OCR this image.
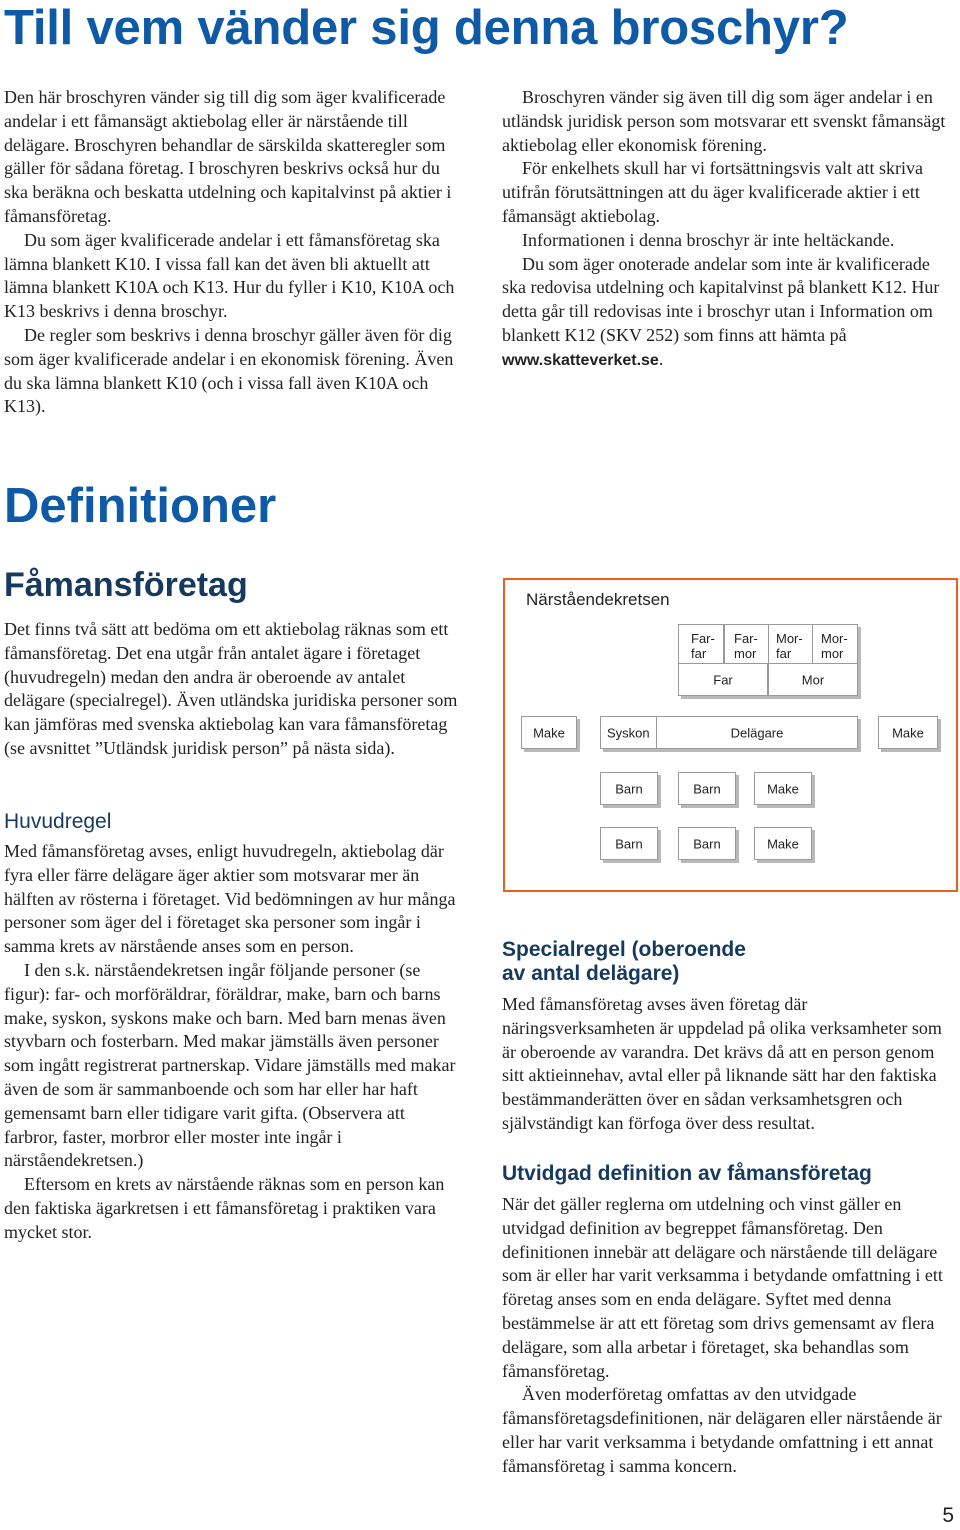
Till vem vänder sig denna broschyr?

Den här broschyren vänder sig till dig som äger kvalificerade andelar i ett fåmansägt aktiebolag eller är närstående till delägare. Broschyren behandlar de särskilda skatteregler som gäller för sådana företag. I broschyren beskrivs också hur du ska beräkna och beskatta utdelning och kapitalvinst på aktier i fåmansföretag.

Du som äger kvalificerade andelar i ett fåmansföretag ska lämna blankett K10. I vissa fall kan det även bli aktuellt att lämna blankett K10A och K13. Hur du fyller i K10, K10A och K13 beskrivs i denna broschyr.

De regler som beskrivs i denna broschyr gäller även för dig som äger kvalificerade andelar i en ekonomisk förening. Även du ska lämna blankett K10 (och i vissa fall även K10A och K13).

Broschyren vänder sig även till dig som äger andelar i en utländsk juridisk person som motsvarar ett svenskt fåmansägt aktiebolag eller ekonomisk förening.

För enkelhets skull har vi fortsättningsvis valt att skriva utifrån förutsättningen att du äger kvalificerade aktier i ett fåmansägt aktiebolag.

Informationen i denna broschyr är inte heltäckande.

Du som äger onoterade andelar som inte är kvalificerade ska redovisa utdelning och kapitalvinst på blankett K12. Hur detta går till redovisas inte i broschyr utan i Information om blankett K12 (SKV 252) som finns att hämta på www.skatteverket.se.

Definitioner
Fåmansföretag

Det finns två sätt att bedöma om ett aktiebolag räknas som ett fåmansföretag. Det ena utgår från antalet ägare i företaget (huvudregeln) medan den andra är oberoende av antalet delägare (specialregel). Även utländska juridiska personer som kan jämföras med svenska aktiebolag kan vara fåmansföretag (se avsnittet ”Utländsk juridisk person” på nästa sida).

Huvudregel

Med fåmansföretag avses, enligt huvudregeln, aktiebolag där fyra eller färre delägare äger aktier som motsvarar mer än hälften av rösterna i företaget. Vid bedömningen av hur många personer som äger del i företaget ska personer som ingår i samma krets av närstående anses som en person.

I den s.k. närståendekretsen ingår följande personer (se figur): far- och morföräldrar, föräldrar, make, barn och barns make, syskon, syskons make och barn. Med barn menas även styvbarn och fosterbarn. Med makar jämställs även personer som ingått registrerat partnerskap. Vidare jämställs med makar även de som är sammanboende och som har eller har haft gemensamt barn eller tidigare varit gifta. (Observera att farbror, faster, morbror eller moster inte ingår i närståendekretsen.)

Eftersom en krets av närstående räknas som en person kan den faktiska ägarkretsen i ett fåmansföretag i praktiken vara mycket stor.

Närståendekretsen
Far-
far
Far-
mor
Mor-
far
Mor-
mor
Far	Mor
Make	Syskon	Delägare	Make
Barn	Barn	Make
Barn	Barn	Make
Specialregel (oberoende
av antal delägare)

Med fåmansföretag avses även företag där näringsverksamheten är uppdelad på olika verksamheter som är oberoende av varandra. Det krävs då att en person genom sitt aktieinnehav, avtal eller på liknande sätt har den faktiska bestämmanderätten över en sådan verksamhetsgren och självständigt kan förfoga över dess resultat.

Utvidgad definition av fåmansföretag

När det gäller reglerna om utdelning och vinst gäller en utvidgad definition av begreppet fåmansföretag. Den definitionen innebär att delägare och närstående till delägare som är eller har varit verksamma i betydande omfattning i ett företag anses som en enda delägare. Syftet med denna bestämmelse är att ett företag som drivs gemensamt av flera delägare, som alla arbetar i företaget, ska behandlas som fåmansföretag.

Även moderföretag omfattas av den utvidgade fåmansföretagsdefinitionen, när delägaren eller närstående är eller har varit verksamma i betydande omfattning i ett annat fåmansföretag i samma koncern.

5
